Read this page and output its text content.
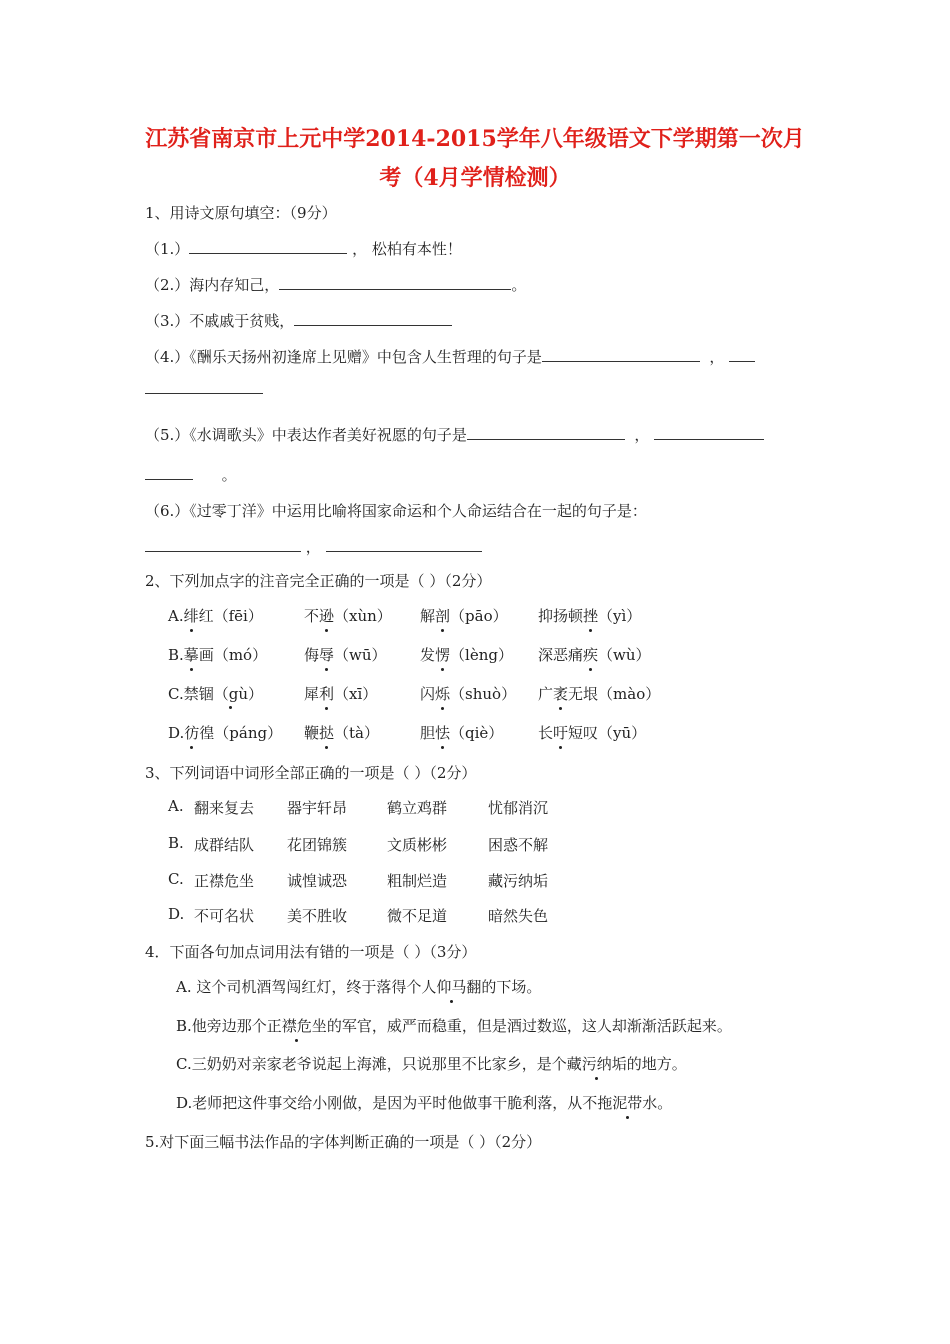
江苏省南京市上元中学2014-2015学年八年级语文下学期第一次月
考（4月学情检测）
1、用诗文原句填空：（9分）
（1.）	， 松柏有本性！
（2.）海内存知己，	。
（3.）不戚戚于贫贱，
（4.）《酬乐天扬州初逢席上见赠》中包含人生哲理的句子是	，
（5.）《水调歌头》中表达作者美好祝愿的句子是	，
。
（6.）《过零丁洋》中运用比喻将国家命运和个人命运结合在一起的句子是：
，
2、下列加点字的注音完全正确的一项是（ ）（2分）
A.绯红（fēi）	不逊（xùn） 解剖（pāo） 抑扬顿挫（yì）
B.摹画（mó） 侮辱（wū） 发愣（lèng） 深恶痛疾（wù）
C.禁锢（gù）	犀利（xī）	闪烁（shuò） 广袤无垠（mào）
D.彷徨（páng） 鞭挞（tà）	胆怯（qiè） 长吁短叹（yū）
3、下列词语中词形全部正确的一项是（ ）（2分）
A. 翻来复去 器宇轩昂	鹤立鸡群	忧郁消沉
B. 成群结队 花团锦簇	文质彬彬	困惑不解
C. 正襟危坐 诚惶诚恐	粗制烂造	藏污纳垢
D. 不可名状 美不胜收	微不足道	暗然失色
4．下面各句加点词用法有错的一项是（ ）（3分）
A. 这个司机酒驾闯红灯，终于落得个人仰马翻的下场。
B.他旁边那个正襟危坐的军官，威严而稳重，但是酒过数巡，这人却渐渐活跃起来。
C.三奶奶对亲家老爷说起上海滩，只说那里不比家乡，是个藏污纳垢的地方。
D.老师把这件事交给小刚做，是因为平时他做事干脆利落，从不拖泥带水。
5.对下面三幅书法作品的字体判断正确的一项是（ ）（2分）
